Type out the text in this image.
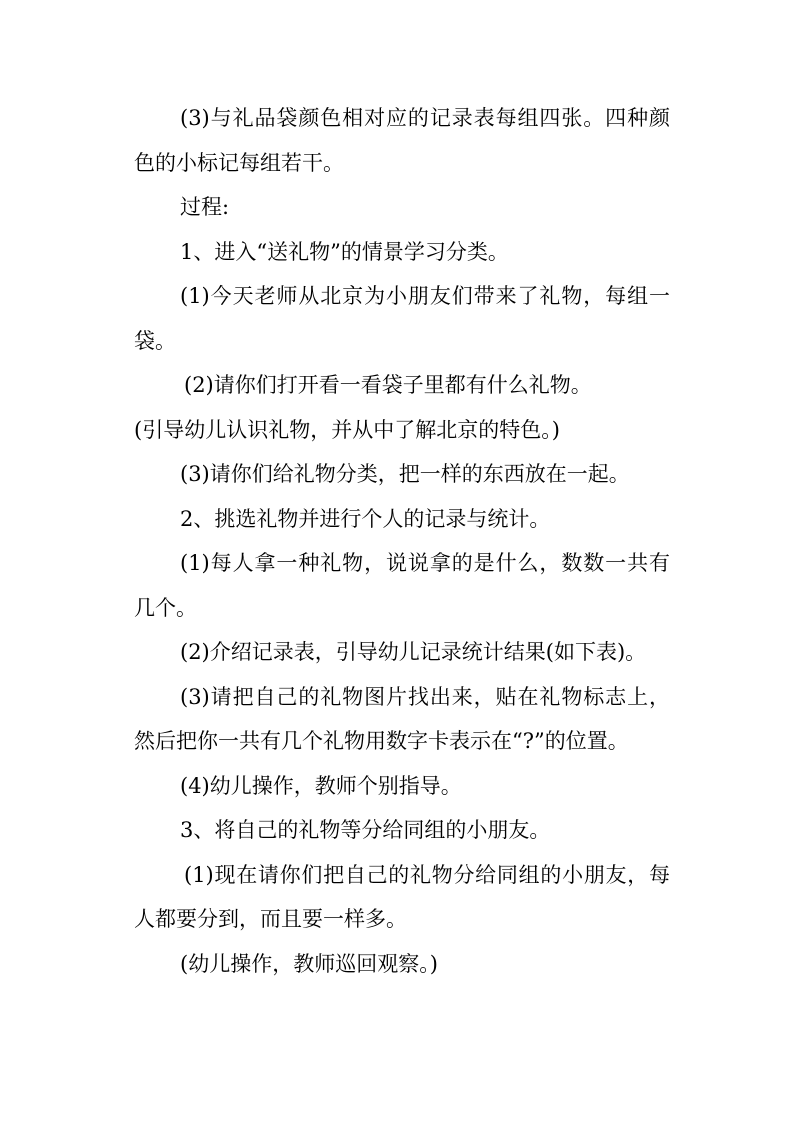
(3)与礼品袋颜色相对应的记录表每组四张。四种颜色的小标记每组若干。

过程:

1、进入“送礼物”的情景学习分类。

(1)今天老师从北京为小朋友们带来了礼物，每组一袋。

(2)请你们打开看一看袋子里都有什么礼物。

(引导幼儿认识礼物，并从中了解北京的特色。)

(3)请你们给礼物分类，把一样的东西放在一起。

2、挑选礼物并进行个人的记录与统计。

(1)每人拿一种礼物，说说拿的是什么，数数一共有几个。

(2)介绍记录表，引导幼儿记录统计结果(如下表)。

(3)请把自己的礼物图片找出来，贴在礼物标志上，然后把你一共有几个礼物用数字卡表示在“?”的位置。

(4)幼儿操作，教师个别指导。

3、将自己的礼物等分给同组的小朋友。

(1)现在请你们把自己的礼物分给同组的小朋友，每人都要分到，而且要一样多。

(幼儿操作，教师巡回观察。)
